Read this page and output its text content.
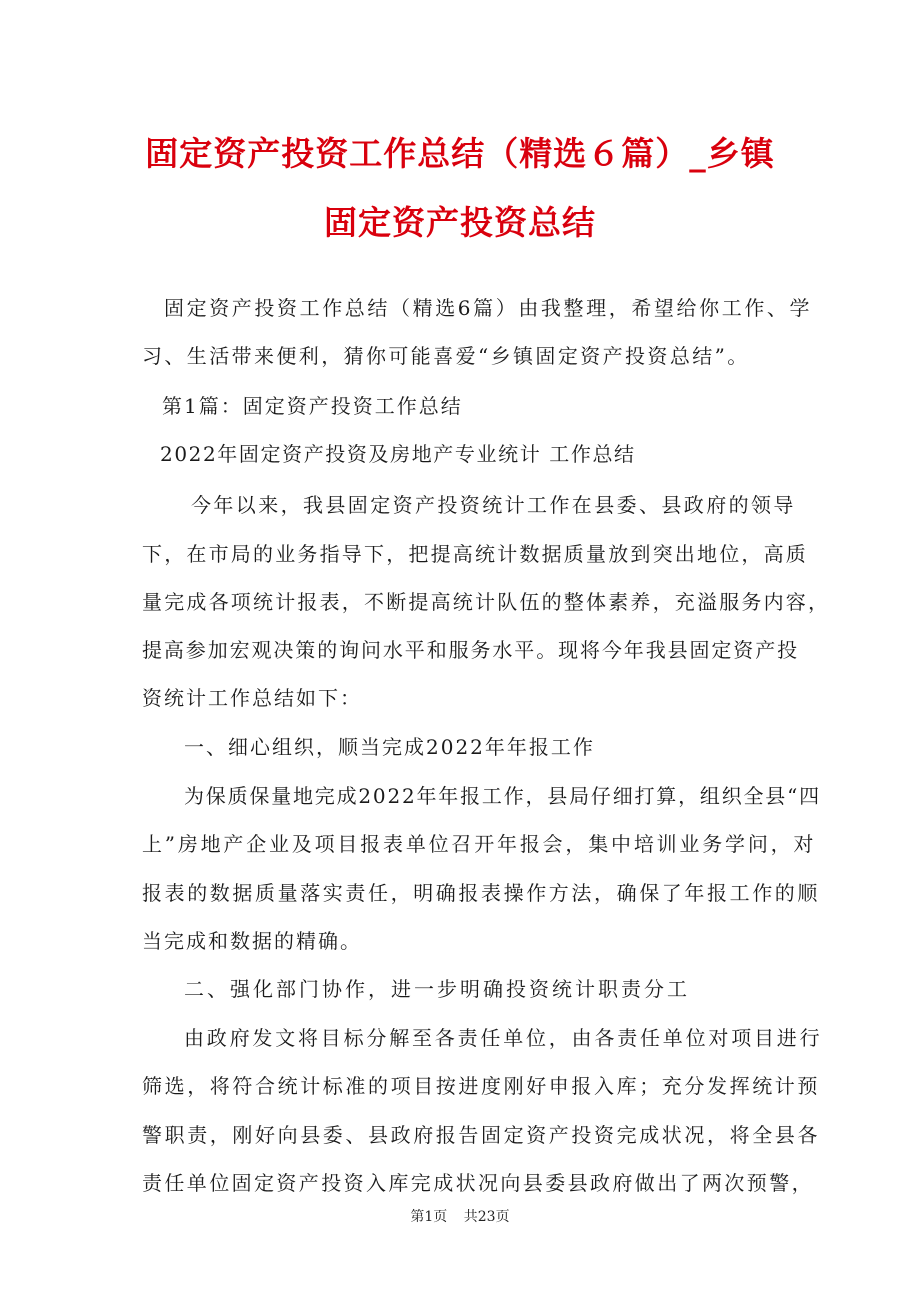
固定资产投资工作总结（精选６篇）_乡镇
固定资产投资总结
固定资产投资工作总结（精选6篇）由我整理，希望给你工作、学
习、生活带来便利，猜你可能喜爱“乡镇固定资产投资总结”。
第1篇：固定资产投资工作总结
2022年固定资产投资及房地产专业统计 工作总结
今年以来，我县固定资产投资统计工作在县委、县政府的领导
下，在市局的业务指导下，把提高统计数据质量放到突出地位，高质
量完成各项统计报表，不断提高统计队伍的整体素养，充溢服务内容，
提高参加宏观决策的询问水平和服务水平。现将今年我县固定资产投
资统计工作总结如下：
一、细心组织，顺当完成2022年年报工作
为保质保量地完成2022年年报工作，县局仔细打算，组织全县“四
上”房地产企业及项目报表单位召开年报会，集中培训业务学问，对
报表的数据质量落实责任，明确报表操作方法，确保了年报工作的顺
当完成和数据的精确。
二、强化部门协作，进一步明确投资统计职责分工
由政府发文将目标分解至各责任单位，由各责任单位对项目进行
筛选，将符合统计标准的项目按进度刚好申报入库；充分发挥统计预
警职责，刚好向县委、县政府报告固定资产投资完成状况，将全县各
责任单位固定资产投资入库完成状况向县委县政府做出了两次预警，
第1页 共23页
